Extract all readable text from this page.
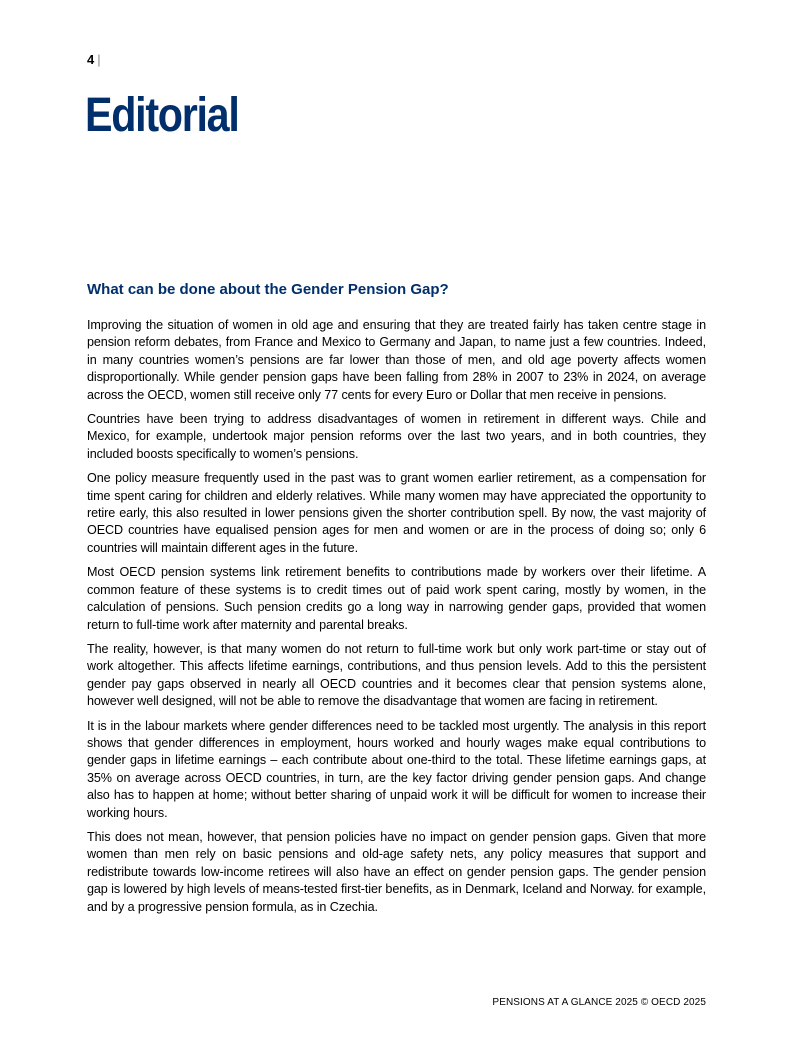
4 |
Editorial
What can be done about the Gender Pension Gap?

Improving the situation of women in old age and ensuring that they are treated fairly has taken centre stage in pension reform debates, from France and Mexico to Germany and Japan, to name just a few countries. Indeed, in many countries women’s pensions are far lower than those of men, and old age poverty affects women disproportionally. While gender pension gaps have been falling from 28% in 2007 to 23% in 2024, on average across the OECD, women still receive only 77 cents for every Euro or Dollar that men receive in pensions.

Countries have been trying to address disadvantages of women in retirement in different ways. Chile and Mexico, for example, undertook major pension reforms over the last two years, and in both countries, they included boosts specifically to women’s pensions.

One policy measure frequently used in the past was to grant women earlier retirement, as a compensation for time spent caring for children and elderly relatives. While many women may have appreciated the opportunity to retire early, this also resulted in lower pensions given the shorter contribution spell. By now, the vast majority of OECD countries have equalised pension ages for men and women or are in the process of doing so; only 6 countries will maintain different ages in the future.

Most OECD pension systems link retirement benefits to contributions made by workers over their lifetime. A common feature of these systems is to credit times out of paid work spent caring, mostly by women, in the calculation of pensions. Such pension credits go a long way in narrowing gender gaps, provided that women return to full-time work after maternity and parental breaks.

The reality, however, is that many women do not return to full-time work but only work part-time or stay out of work altogether. This affects lifetime earnings, contributions, and thus pension levels. Add to this the persistent gender pay gaps observed in nearly all OECD countries and it becomes clear that pension systems alone, however well designed, will not be able to remove the disadvantage that women are facing in retirement.

It is in the labour markets where gender differences need to be tackled most urgently. The analysis in this report shows that gender differences in employment, hours worked and hourly wages make equal contributions to gender gaps in lifetime earnings – each contribute about one-third to the total. These lifetime earnings gaps, at 35% on average across OECD countries, in turn, are the key factor driving gender pension gaps. And change also has to happen at home; without better sharing of unpaid work it will be difficult for women to increase their working hours.

This does not mean, however, that pension policies have no impact on gender pension gaps. Given that more women than men rely on basic pensions and old-age safety nets, any policy measures that support and redistribute towards low-income retirees will also have an effect on gender pension gaps. The gender pension gap is lowered by high levels of means-tested first-tier benefits, as in Denmark, Iceland and Norway. for example, and by a progressive pension formula, as in Czechia.

PENSIONS AT A GLANCE 2025 © OECD 2025
